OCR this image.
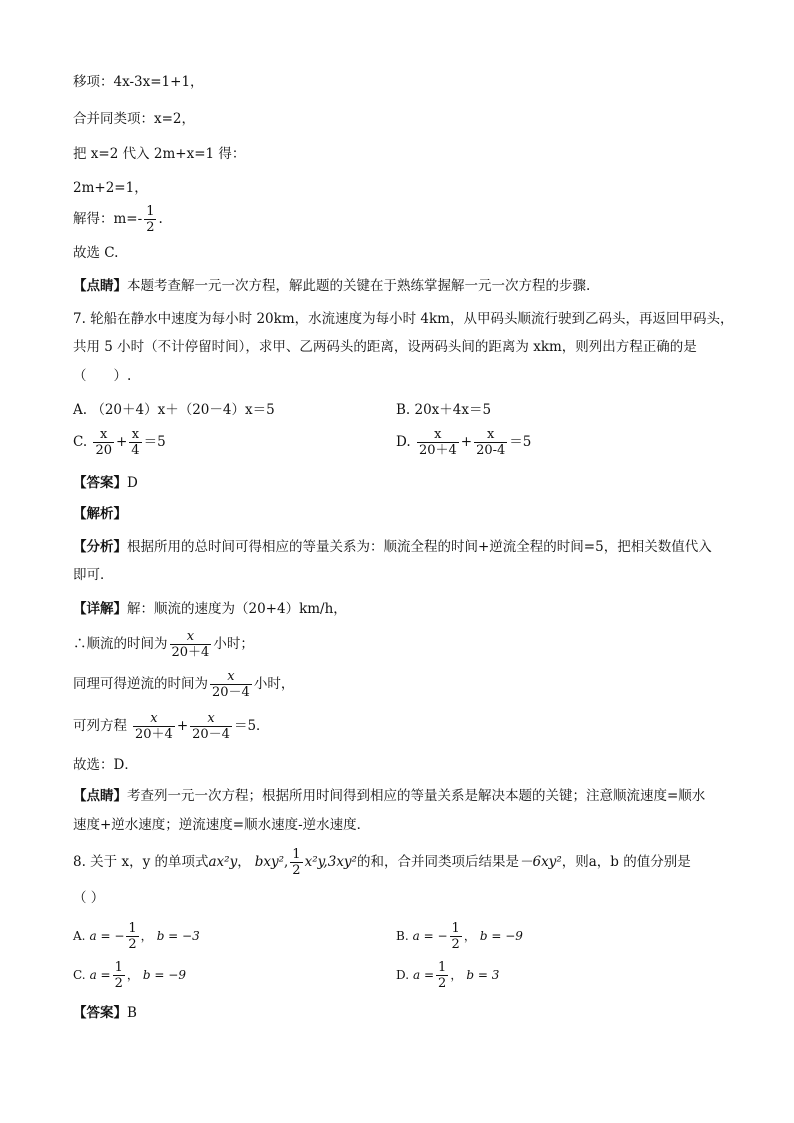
移项：4x-3x=1+1，
合并同类项：x=2，
把 x=2 代入 2m+x=1 得：
2m+2=1，
解得：$m=- \frac{1}{2}$ .
故选 C.
【点睛】本题考查解一元一次方程，解此题的关键在于熟练掌握解一元一次方程的步骤.
7. 轮船在静水中速度为每小时 20km，水流速度为每小时 4km，从甲码头顺流行驶到乙码头，再返回甲码头，
共用 5 小时（不计停留时间），求甲、乙两码头的距离，设两码头间的距离为 xkm，则列出方程正确的是
（　　）.
A. （20＋4）x＋（20－4）x＝5	B. 20x＋4x＝5
C. $\frac{x}{20} + \frac{x}{4} =5$	D. $\frac{x}{20+4} + \frac{x}{20-4} =5$
【答案】D
【解析】
【分析】根据所用的总时间可得相应的等量关系为：顺流全程的时间+逆流全程的时间=5，把相关数值代入
即可．
【详解】解：顺流的速度为（20+4）km/h，
∴顺流的时间为 $\frac{x}{20+4}$ 小时；
同理可得逆流的时间为 $\frac{x}{20-4}$ 小时，
可列方程 $\frac{x}{20+4} + \frac{x}{20-4} =5$．
故选：D．
【点睛】考查列一元一次方程；根据所用时间得到相应的等量关系是解决本题的关键；注意顺流速度=顺水
速度+逆水速度；逆流速度=顺水速度-逆水速度．
8. 关于 x，y 的单项式ax²y， bxy², $\frac{1}{2} x^2y,3xy^2$的和，合并同类项后结果是－6xy²，则a，b 的值分别是
（ ）
A. a = − $\frac{1}{2}$ ， b = −3	B. a = − $\frac{1}{2}$ ， b = −9
C. $a = \frac{1}{2}$ ， b = −9	D. $a = \frac{1}{2}$ ， b = 3
【答案】B
